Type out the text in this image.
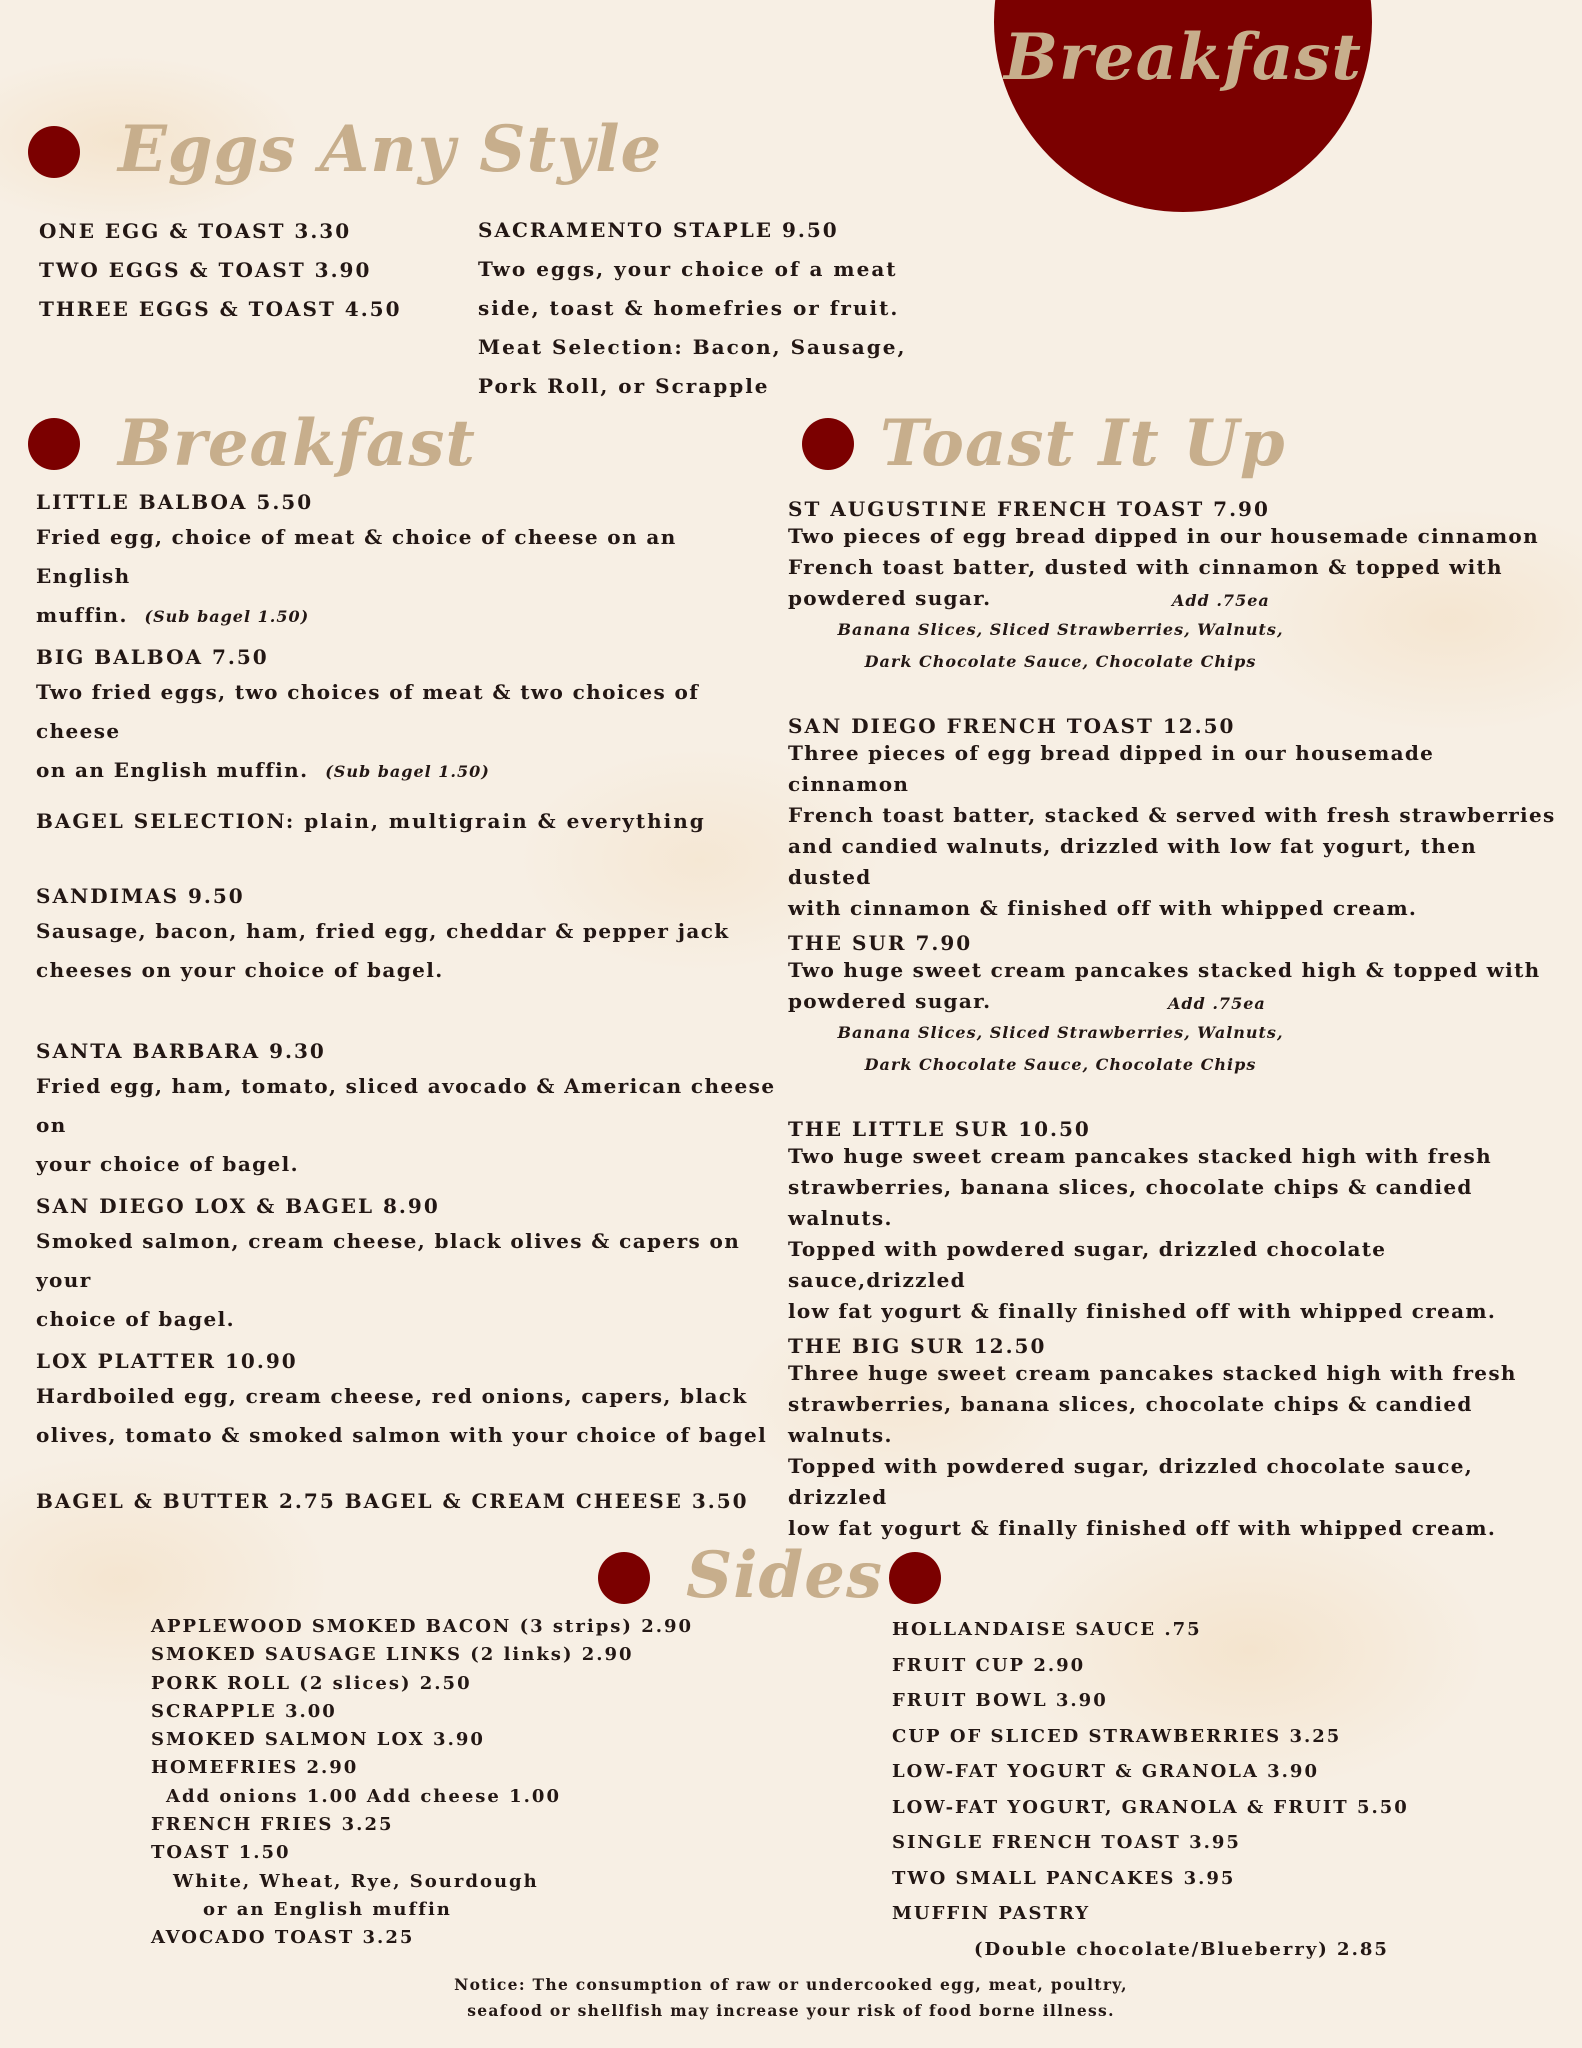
Breakfast
Eggs Any Style
ONE EGG & TOAST 3.30
TWO EGGS & TOAST 3.90
THREE EGGS & TOAST 4.50
SACRAMENTO STAPLE 9.50
Two eggs, your choice of a meat
side, toast & homefries or fruit.
Meat Selection: Bacon, Sausage,
Pork Roll, or Scrapple
Breakfast
LITTLE BALBOA 5.50
Fried egg, choice of meat & choice of cheese on an English
muffin. (Sub bagel 1.50)
BIG BALBOA 7.50
Two fried eggs, two choices of meat & two choices of cheese
on an English muffin. (Sub bagel 1.50)
BAGEL SELECTION: plain, multigrain & everything
SANDIMAS 9.50
Sausage, bacon, ham, fried egg, cheddar & pepper jack
cheeses on your choice of bagel.
SANTA BARBARA 9.30
Fried egg, ham, tomato, sliced avocado & American cheese on
your choice of bagel.
SAN DIEGO LOX & BAGEL 8.90
Smoked salmon, cream cheese, black olives & capers on your
choice of bagel.
LOX PLATTER 10.90
Hardboiled egg, cream cheese, red onions, capers, black
olives, tomato & smoked salmon with your choice of bagel
BAGEL & BUTTER 2.75 BAGEL & CREAM CHEESE 3.50
Toast It Up
ST AUGUSTINE FRENCH TOAST 7.90
Two pieces of egg bread dipped in our housemade cinnamon
French toast batter, dusted with cinnamon & topped with
powdered sugar.	Add .75ea
Banana Slices, Sliced Strawberries, Walnuts,
Dark Chocolate Sauce, Chocolate Chips
SAN DIEGO FRENCH TOAST 12.50
Three pieces of egg bread dipped in our housemade cinnamon
French toast batter, stacked & served with fresh strawberries
and candied walnuts, drizzled with low fat yogurt, then dusted
with cinnamon & finished off with whipped cream.
THE SUR 7.90
Two huge sweet cream pancakes stacked high & topped with
powdered sugar.	Add .75ea
Banana Slices, Sliced Strawberries, Walnuts,
Dark Chocolate Sauce, Chocolate Chips
THE LITTLE SUR 10.50
Two huge sweet cream pancakes stacked high with fresh
strawberries, banana slices, chocolate chips & candied walnuts.
Topped with powdered sugar, drizzled chocolate sauce,drizzled
low fat yogurt & finally finished off with whipped cream.
THE BIG SUR 12.50
Three huge sweet cream pancakes stacked high with fresh
strawberries, banana slices, chocolate chips & candied walnuts.
Topped with powdered sugar, drizzled chocolate sauce, drizzled
low fat yogurt & finally finished off with whipped cream.
Sides
APPLEWOOD SMOKED BACON (3 strips) 2.90
SMOKED SAUSAGE LINKS (2 links) 2.90
PORK ROLL (2 slices) 2.50
SCRAPPLE 3.00
SMOKED SALMON LOX 3.90
HOMEFRIES 2.90
Add onions 1.00 Add cheese 1.00
FRENCH FRIES 3.25
TOAST 1.50
White, Wheat, Rye, Sourdough
or an English muffin
AVOCADO TOAST 3.25
HOLLANDAISE SAUCE .75
FRUIT CUP 2.90
FRUIT BOWL 3.90
CUP OF SLICED STRAWBERRIES 3.25
LOW-FAT YOGURT & GRANOLA 3.90
LOW-FAT YOGURT, GRANOLA & FRUIT 5.50
SINGLE FRENCH TOAST 3.95
TWO SMALL PANCAKES 3.95
MUFFIN PASTRY
(Double chocolate/Blueberry) 2.85
Notice: The consumption of raw or undercooked egg, meat, poultry,
seafood or shellfish may increase your risk of food borne illness.
